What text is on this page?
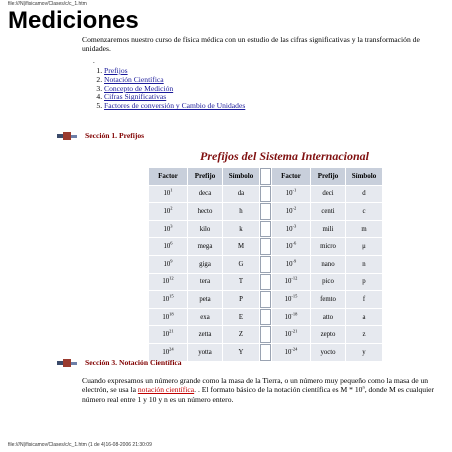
file:///N|/fisicamov/Clases/c/c_1.htm
Mediciones
Comenzaremos nuestro curso de física médica con un estudio de las cifras significativas y la transformación de unidades.
.
1. Prefijos
2. Notación Científica
3. Concepto de Medición
4. Cifras Significativas
5. Factores de conversión y Cambio de Unidades
Sección 1. Prefijos
Prefijos del Sistema Internacional
Factor	Prefijo	Símbolo		Factor	Prefijo	Símbolo
$10^1$	deca	da		$10^{-1}$	deci	d
$10^2$	hecto	h		$10^{-2}$	centi	c
$10^3$	kilo	k		$10^{-3}$	mili	m
$10^6$	mega	M		$10^{-6}$	micro	μ
$10^9$	giga	G		$10^{-9}$	nano	n
$10^{12}$	tera	T		$10^{-12}$	pico	p
$10^{15}$	peta	P		$10^{-15}$	femto	f
$10^{18}$	exa	E		$10^{-18}$	atto	a
$10^{21}$	zetta	Z		$10^{-21}$	zepto	z
$10^{24}$	yotta	Y		$10^{-24}$	yocto	y
Sección 3. Notación Científica
Cuando expresamos un número grande como la masa de la Tierra, o un número muy pequeño como la masa de un electrón, se usa la notación científica. . El formato básico de la notación científica es M * 10$^n$, donde M es cualquier número real entre 1 y 10 y n es un número entero.
file:///N|/fisicamov/Clases/c/c_1.htm (1 de 4)16-08-2006 21:30:09
